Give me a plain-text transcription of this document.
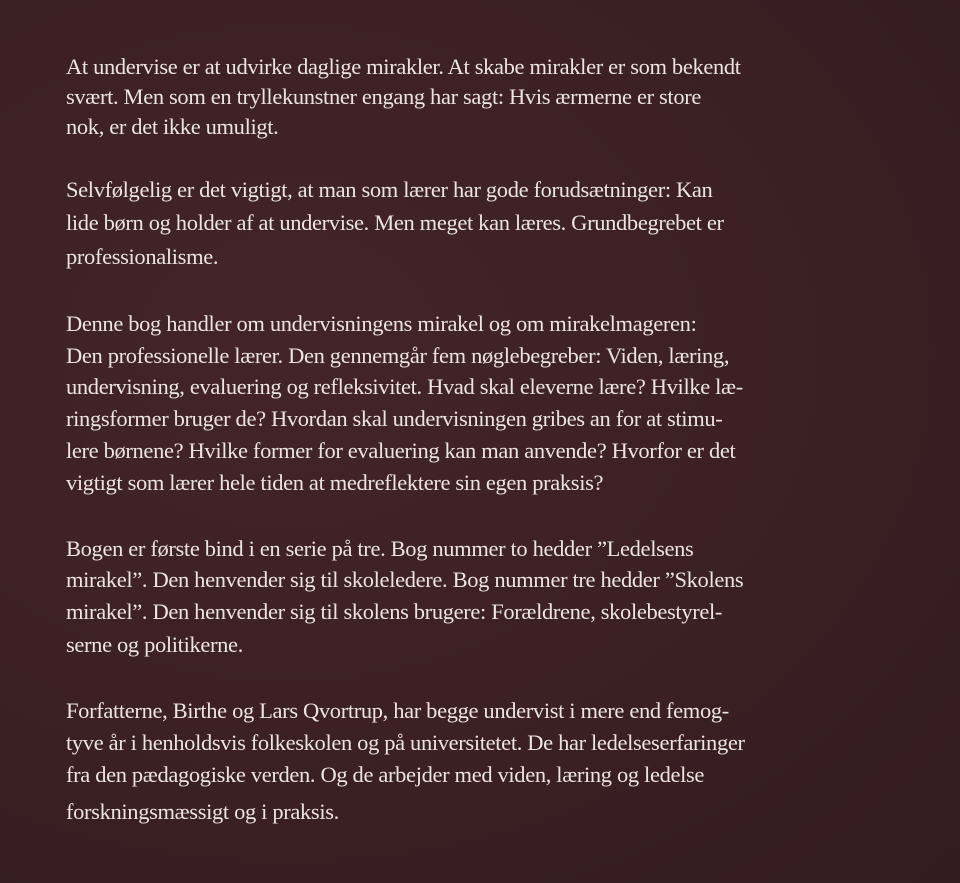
At undervise er at udvirke daglige mirakler. At skabe mirakler er som bekendt
svært. Men som en tryllekunstner engang har sagt: Hvis ærmerne er store
nok, er det ikke umuligt.
Selvfølgelig er det vigtigt, at man som lærer har gode forudsætninger: Kan
lide børn og holder af at undervise. Men meget kan læres. Grundbegrebet er
professionalisme.
Denne bog handler om undervisningens mirakel og om mirakelmageren:
Den professionelle lærer. Den gennemgår fem nøglebegreber: Viden, læring,
undervisning, evaluering og refleksivitet. Hvad skal eleverne lære? Hvilke læ-
ringsformer bruger de? Hvordan skal undervisningen gribes an for at stimu-
lere børnene? Hvilke former for evaluering kan man anvende? Hvorfor er det
vigtigt som lærer hele tiden at medreflektere sin egen praksis?
Bogen er første bind i en serie på tre. Bog nummer to hedder ”Ledelsens
mirakel”. Den henvender sig til skoleledere. Bog nummer tre hedder ”Skolens
mirakel”. Den henvender sig til skolens brugere: Forældrene, skolebestyrel-
serne og politikerne.
Forfatterne, Birthe og Lars Qvortrup, har begge undervist i mere end femog-
tyve år i henholdsvis folkeskolen og på universitetet. De har ledelseserfaringer
fra den pædagogiske verden. Og de arbejder med viden, læring og ledelse
forskningsmæssigt og i praksis.
